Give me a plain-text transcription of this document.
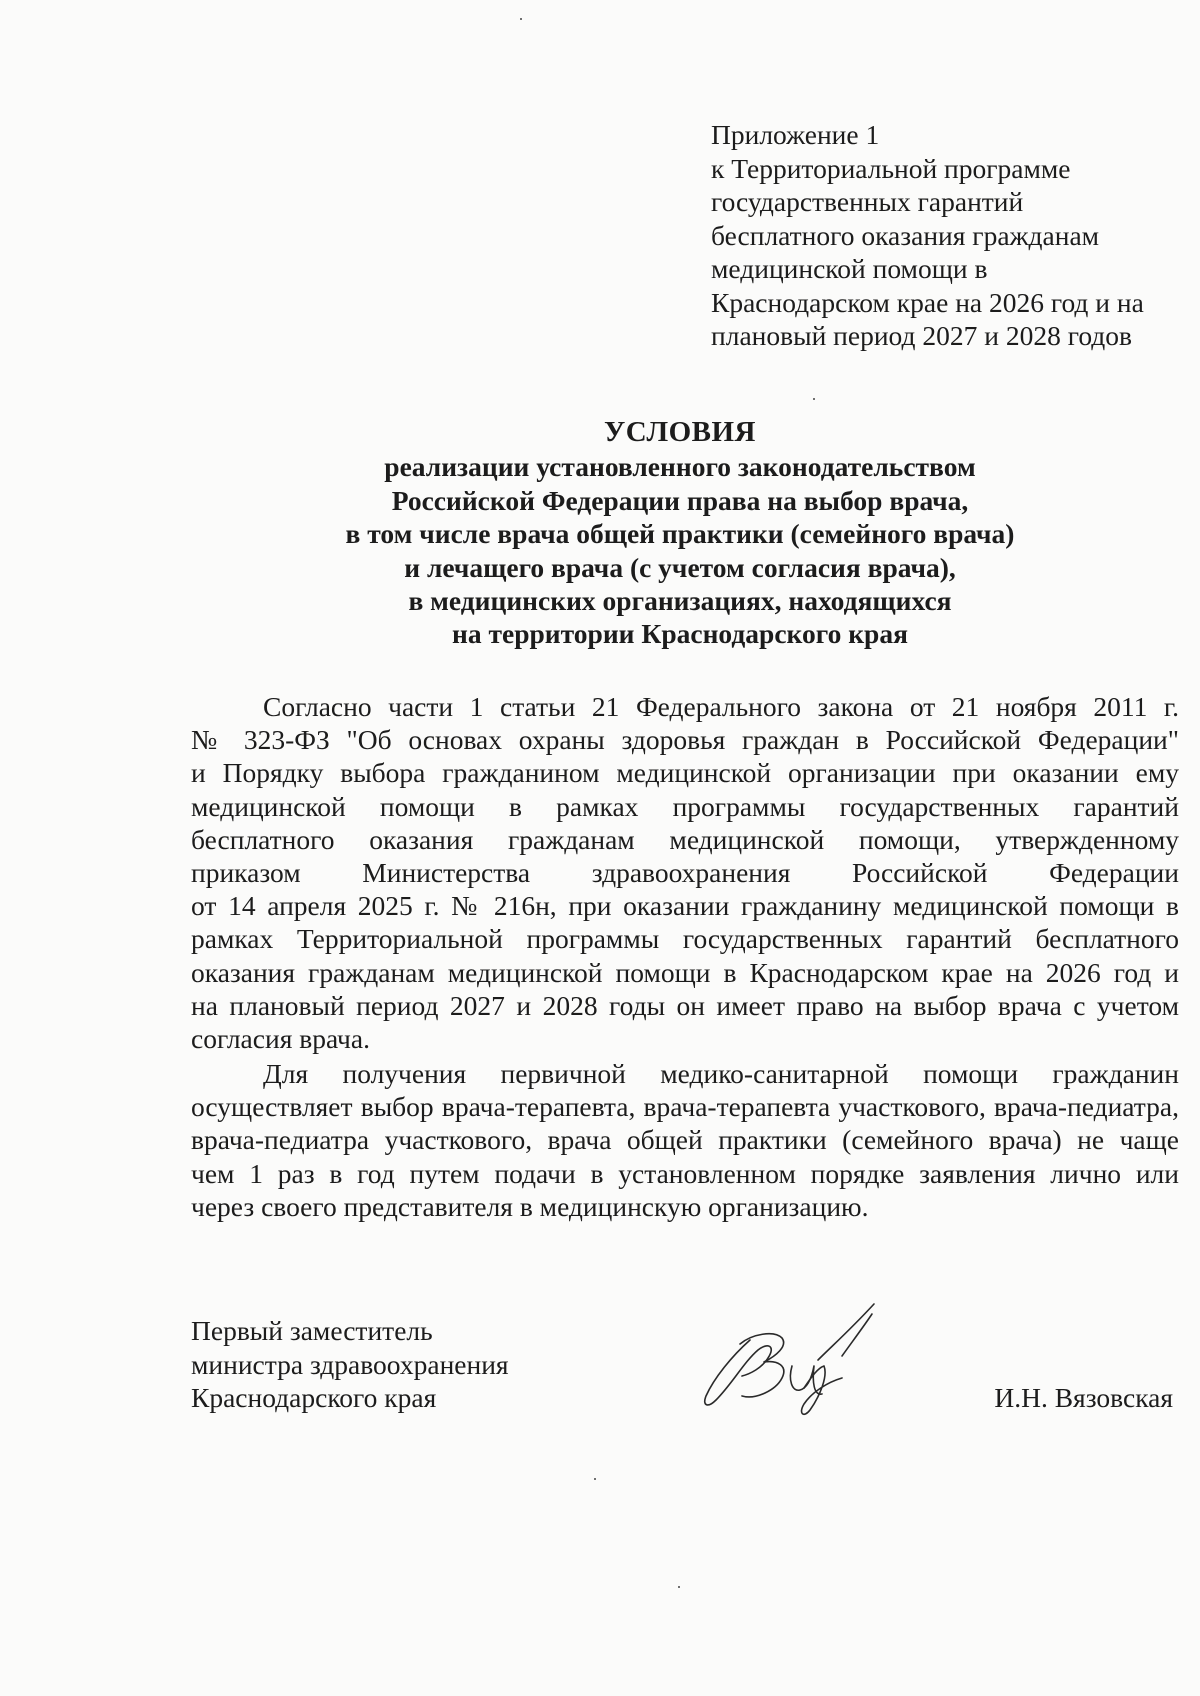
Приложение 1
к Территориальной программе
государственных гарантий
бесплатного оказания гражданам
медицинской помощи в
Краснодарском крае на 2026 год и на
плановый период 2027 и 2028 годов
УСЛОВИЯ
реализации установленного законодательством
Российской Федерации права на выбор врача,
в том числе врача общей практики (семейного врача)
и лечащего врача (с учетом согласия врача),
в медицинских организациях, находящихся
на территории Краснодарского края
Согласно части 1 статьи 21 Федерального закона от 21 ноября 2011 г.
№ 323-ФЗ "Об основах охраны здоровья граждан в Российской Федерации"
и Порядку выбора гражданином медицинской организации при оказании ему
медицинской помощи в рамках программы государственных гарантий
бесплатного оказания гражданам медицинской помощи, утвержденному
приказом Министерства здравоохранения Российской Федерации
от 14 апреля 2025 г. № 216н, при оказании гражданину медицинской помощи в
рамках Территориальной программы государственных гарантий бесплатного
оказания гражданам медицинской помощи в Краснодарском крае на 2026 год и
на плановый период 2027 и 2028 годы он имеет право на выбор врача с учетом
согласия врача.
Для получения первичной медико-санитарной помощи гражданин
осуществляет выбор врача-терапевта, врача-терапевта участкового, врача-педиатра,
врача-педиатра участкового, врача общей практики (семейного врача) не чаще
чем 1 раз в год путем подачи в установленном порядке заявления лично или
через своего представителя в медицинскую организацию.
Первый заместитель
министра здравоохранения
Краснодарского края	И.Н. Вязовская
